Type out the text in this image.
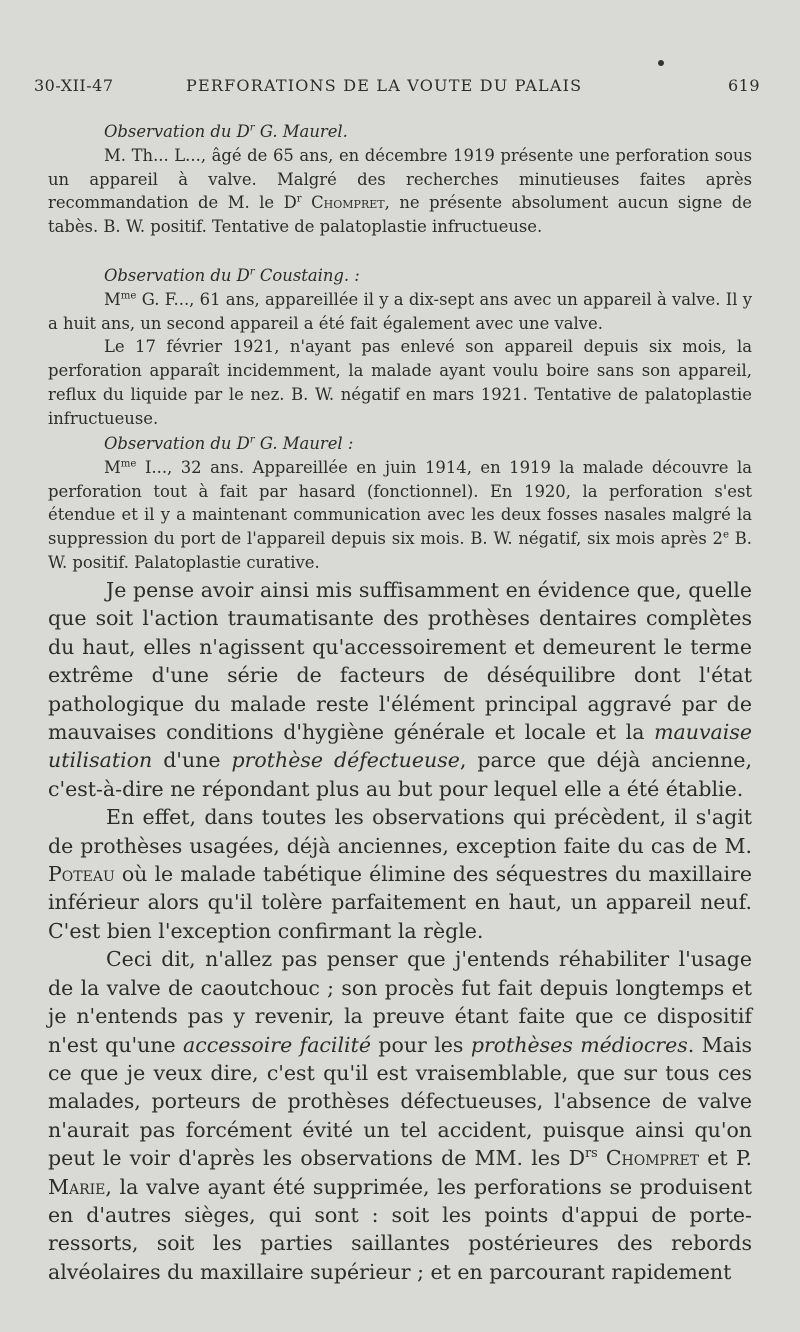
30-XII-47	PERFORATIONS DE LA VOUTE DU PALAIS	619

Observation du $D^r$ G. Maurel.

M. Th... L..., âgé de 65 ans, en décembre 1919 présente une perforation sous un appareil à valve. Malgré des recherches minutieuses faites après recommandation de M. le $D^r$ Chompret, ne présente absolument aucun signe de tabès. B. W. positif. Tentative de palatoplastie infructueuse.

Observation du $D^r$ Coustaing. :

$M^{me}$ G. F..., 61 ans, appareillée il y a dix-sept ans avec un appareil à valve. Il y a huit ans, un second appareil a été fait également avec une valve.

Le 17 février 1921, n'ayant pas enlevé son appareil depuis six mois, la perforation apparaît incidemment, la malade ayant voulu boire sans son appareil, reflux du liquide par le nez. B. W. négatif en mars 1921. Tentative de palatoplastie infructueuse.

Observation du $D^r$ G. Maurel :

$M^{me}$ I..., 32 ans. Appareillée en juin 1914, en 1919 la malade découvre la perforation tout à fait par hasard (fonctionnel). En 1920, la perforation s'est étendue et il y a maintenant communication avec les deux fosses nasales malgré la suppression du port de l'appareil depuis six mois. B. W. négatif, six mois après 2e B. W. positif. Palatoplastie curative.

Je pense avoir ainsi mis suffisamment en évidence que, quelle que soit l'action traumatisante des prothèses dentaires complètes du haut, elles n'agissent qu'accessoirement et demeurent le terme extrême d'une série de facteurs de déséquilibre dont l'état pathologique du malade reste l'élément principal aggravé par de mauvaises conditions d'hygiène générale et locale et la mauvaise utilisation d'une prothèse défectueuse, parce que déjà ancienne, c'est-à-dire ne répondant plus au but pour lequel elle a été établie.

En effet, dans toutes les observations qui précèdent, il s'agit de prothèses usagées, déjà anciennes, exception faite du cas de M. Poteau où le malade tabétique élimine des séquestres du maxillaire inférieur alors qu'il tolère parfaitement en haut, un appareil neuf. C'est bien l'exception confirmant la règle.

Ceci dit, n'allez pas penser que j'entends réhabiliter l'usage de la valve de caoutchouc ; son procès fut fait depuis longtemps et je n'entends pas y revenir, la preuve étant faite que ce dispositif n'est qu'une accessoire facilité pour les prothèses médiocres. Mais ce que je veux dire, c'est qu'il est vraisemblable, que sur tous ces malades, porteurs de prothèses défectueuses, l'absence de valve n'aurait pas forcément évité un tel accident, puisque ainsi qu'on peut le voir d'après les observations de MM. les $D^{rs}$ Chompret et P. Marie, la valve ayant été supprimée, les perforations se produisent en d'autres sièges, qui sont : soit les points d'appui de porte-ressorts, soit les parties saillantes postérieures des rebords alvéolaires du maxillaire supérieur ; et en parcourant rapidement
